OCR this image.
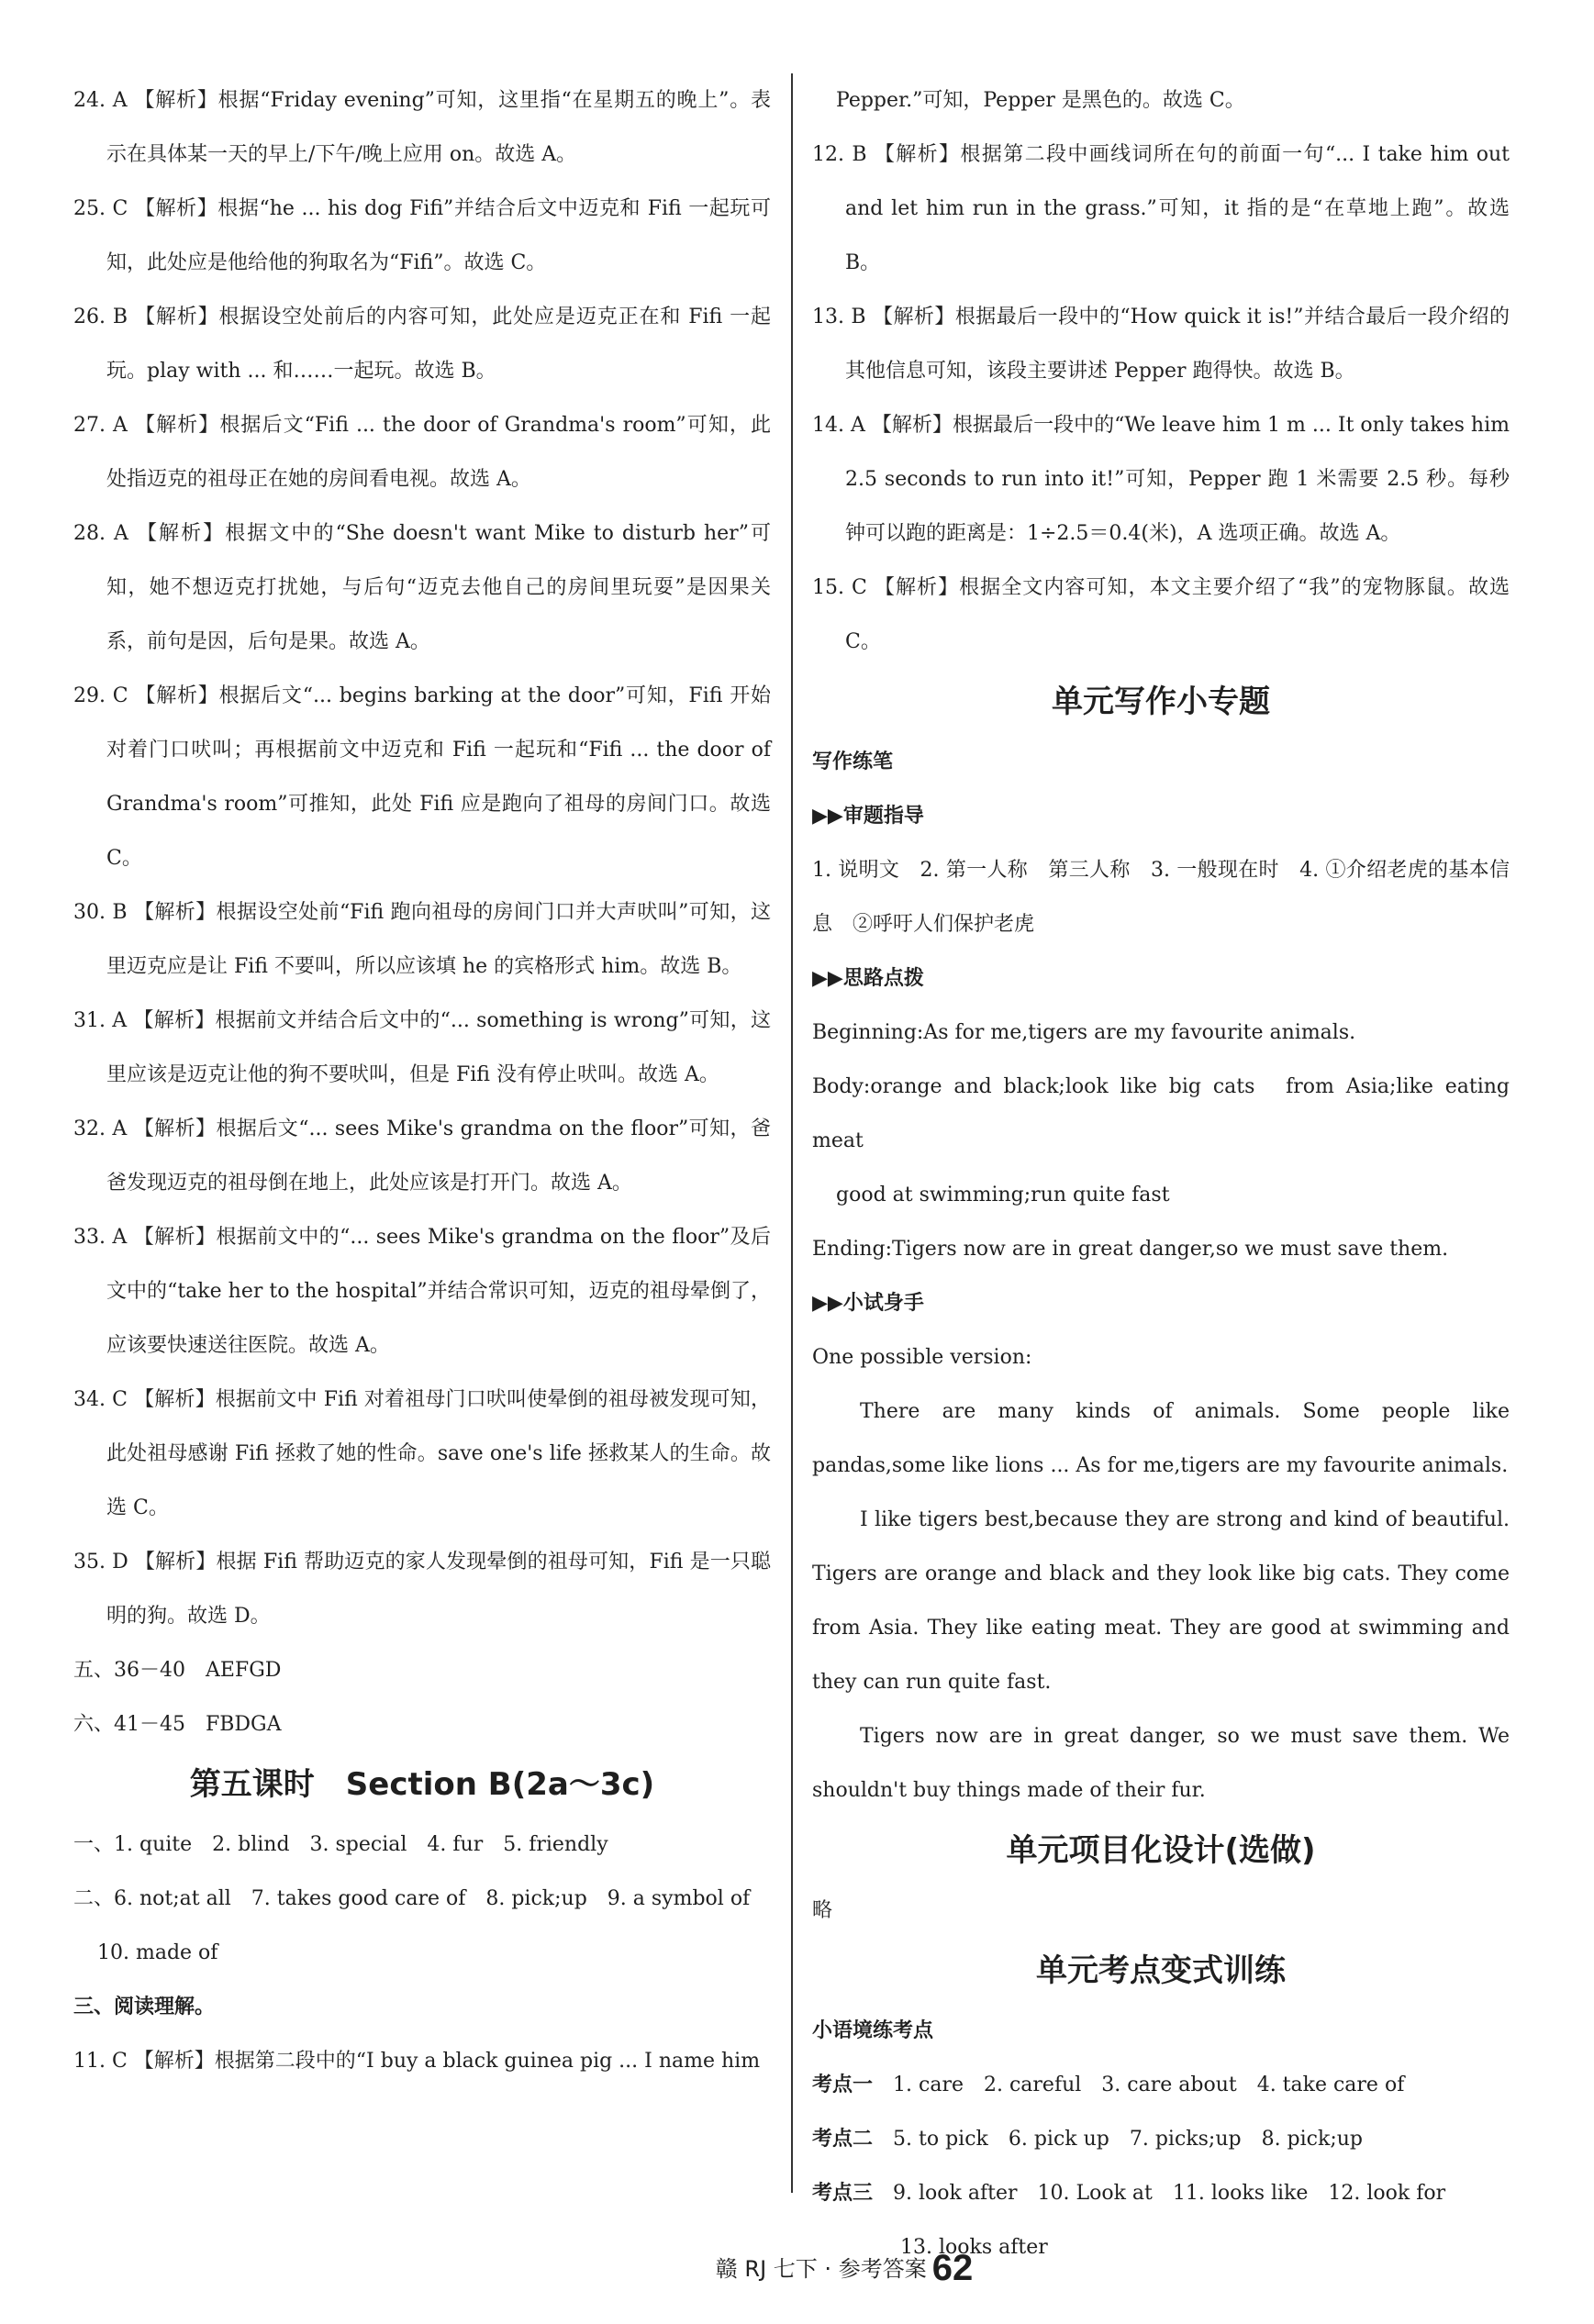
24. A 【解析】根据“Friday evening”可知，这里指“在星期五的晚上”。表示在具体某一天的早上/下午/晚上应用 on。故选 A。
25. C 【解析】根据“he ... his dog Fifi”并结合后文中迈克和 Fifi 一起玩可知，此处应是他给他的狗取名为“Fifi”。故选 C。
26. B 【解析】根据设空处前后的内容可知，此处应是迈克正在和 Fifi 一起玩。play with ... 和……一起玩。故选 B。
27. A 【解析】根据后文“Fifi ... the door of Grandma's room”可知，此处指迈克的祖母正在她的房间看电视。故选 A。
28. A 【解析】根据文中的“She doesn't want Mike to disturb her”可知，她不想迈克打扰她，与后句“迈克去他自己的房间里玩耍”是因果关系，前句是因，后句是果。故选 A。
29. C 【解析】根据后文“... begins barking at the door”可知，Fifi 开始对着门口吠叫；再根据前文中迈克和 Fifi 一起玩和“Fifi ... the door of Grandma's room”可推知，此处 Fifi 应是跑向了祖母的房间门口。故选 C。
30. B 【解析】根据设空处前“Fifi 跑向祖母的房间门口并大声吠叫”可知，这里迈克应是让 Fifi 不要叫，所以应该填 he 的宾格形式 him。故选 B。
31. A 【解析】根据前文并结合后文中的“... something is wrong”可知，这里应该是迈克让他的狗不要吠叫，但是 Fifi 没有停止吠叫。故选 A。
32. A 【解析】根据后文“... sees Mike's grandma on the floor”可知，爸爸发现迈克的祖母倒在地上，此处应该是打开门。故选 A。
33. A 【解析】根据前文中的“... sees Mike's grandma on the floor”及后文中的“take her to the hospital”并结合常识可知，迈克的祖母晕倒了，应该要快速送往医院。故选 A。
34. C 【解析】根据前文中 Fifi 对着祖母门口吠叫使晕倒的祖母被发现可知，此处祖母感谢 Fifi 拯救了她的性命。save one's life 拯救某人的生命。故选 C。
35. D 【解析】根据 Fifi 帮助迈克的家人发现晕倒的祖母可知，Fifi 是一只聪明的狗。故选 D。
五、36－40　AEFGD
六、41－45　FBDGA
第五课时　Section B(2a～3c)
一、1. quite　2. blind　3. special　4. fur　5. friendly
二、6. not;at all　7. takes good care of　8. pick;up　9. a symbol of
10. made of
三、阅读理解。
11. C 【解析】根据第二段中的“I buy a black guinea pig ... I name him
Pepper.”可知，Pepper 是黑色的。故选 C。
12. B 【解析】根据第二段中画线词所在句的前面一句“... I take him out and let him run in the grass.”可知，it 指的是“在草地上跑”。故选 B。
13. B 【解析】根据最后一段中的“How quick it is!”并结合最后一段介绍的其他信息可知，该段主要讲述 Pepper 跑得快。故选 B。
14. A 【解析】根据最后一段中的“We leave him 1 m ... It only takes him 2.5 seconds to run into it!”可知，Pepper 跑 1 米需要 2.5 秒。每秒钟可以跑的距离是：1÷2.5＝0.4(米)，A 选项正确。故选 A。
15. C 【解析】根据全文内容可知，本文主要介绍了“我”的宠物豚鼠。故选 C。
单元写作小专题
写作练笔
▶▶审题指导
1. 说明文　2. 第一人称　第三人称　3. 一般现在时　4. ①介绍老虎的基本信息　②呼吁人们保护老虎
▶▶思路点拨
Beginning:As for me,tigers are my favourite animals.
Body:orange and black;look like big cats　from Asia;like eating meat
good at swimming;run quite fast
Ending:Tigers now are in great danger,so we must save them.
▶▶小试身手
One possible version:
There are many kinds of animals. Some people like pandas,some like lions ... As for me,tigers are my favourite animals.
I like tigers best,because they are strong and kind of beautiful. Tigers are orange and black and they look like big cats. They come from Asia. They like eating meat. They are good at swimming and they can run quite fast.
Tigers now are in great danger, so we must save them. We shouldn't buy things made of their fur.
单元项目化设计(选做)
略
单元考点变式训练
小语境练考点
考点一　 1. care　2. careful　3. care about　4. take care of
考点二　 5. to pick　6. pick up　7. picks;up　8. pick;up
考点三　 9. look after　10. Look at　11. looks like　12. look for
13. looks after
赣 RJ 七下 · 参考答案 62
